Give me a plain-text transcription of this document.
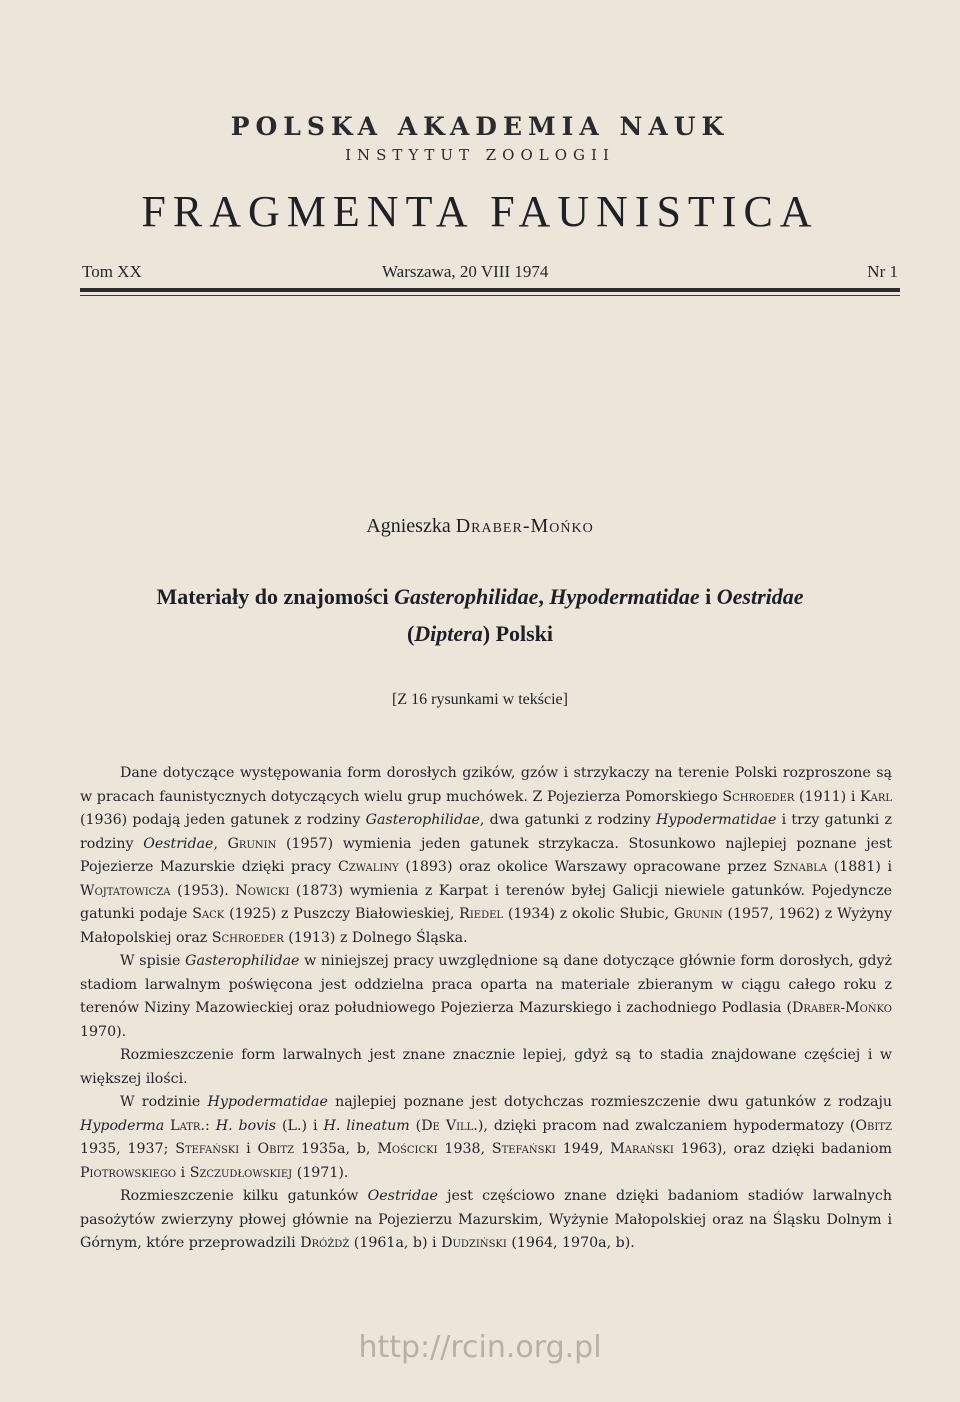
POLSKA AKADEMIA NAUK
INSTYTUT ZOOLOGII
FRAGMENTA FAUNISTICA
Tom XX	Warszawa, 20 VIII 1974	Nr 1
Agnieszka Draber-Mońko
Materiały do znajomości Gasterophilidae, Hypodermatidae i Oestridae
(Diptera) Polski
[Z 16 rysunkami w tekście]

Dane dotyczące występowania form dorosłych gzików, gzów i strzykaczy na terenie Polski rozproszone są w pracach faunistycznych dotyczących wielu grup muchówek. Z Pojezierza Pomorskiego Schroeder (1911) i Karl (1936) podają jeden gatunek z rodziny Gasterophilidae, dwa gatunki z rodziny Hypodermatidae i trzy gatunki z rodziny Oestridae, Grunin (1957) wymienia jeden gatunek strzykacza. Stosunkowo najlepiej poznane jest Pojezierze Mazurskie dzięki pracy Czwaliny (1893) oraz okolice Warszawy opracowane przez Sznabla (1881) i Wojtatowicza (1953). Nowicki (1873) wymienia z Karpat i terenów byłej Galicji niewiele gatunków. Pojedyncze gatunki podaje Sack (1925) z Puszczy Białowieskiej, Riedel (1934) z okolic Słubic, Grunin (1957, 1962) z Wyżyny Małopolskiej oraz Schroeder (1913) z Dolnego Śląska.

W spisie Gasterophilidae w niniejszej pracy uwzględnione są dane dotyczące głównie form dorosłych, gdyż stadiom larwalnym poświęcona jest oddzielna praca oparta na materiale zbieranym w ciągu całego roku z terenów Niziny Mazowieckiej oraz południowego Pojezierza Mazurskiego i zachodniego Podlasia (Draber-Mońko 1970).

Rozmieszczenie form larwalnych jest znane znacznie lepiej, gdyż są to stadia znajdowane częściej i w większej ilości.

W rodzinie Hypodermatidae najlepiej poznane jest dotychczas rozmieszczenie dwu gatunków z rodzaju Hypoderma Latr.: H. bovis (L.) i H. lineatum (De Vill.), dzięki pracom nad zwalczaniem hypodermatozy (Obitz 1935, 1937; Stefański i Obitz 1935a, b, Mościcki 1938, Stefański 1949, Marański 1963), oraz dzięki badaniom Piotrowskiego i Szczudłowskiej (1971).

Rozmieszczenie kilku gatunków Oestridae jest częściowo znane dzięki badaniom stadiów larwalnych pasożytów zwierzyny płowej głównie na Pojezierzu Mazurskim, Wyżynie Małopolskiej oraz na Śląsku Dolnym i Górnym, które przeprowadzili Dróżdż (1961a, b) i Dudziński (1964, 1970a, b).

http://rcin.org.pl
